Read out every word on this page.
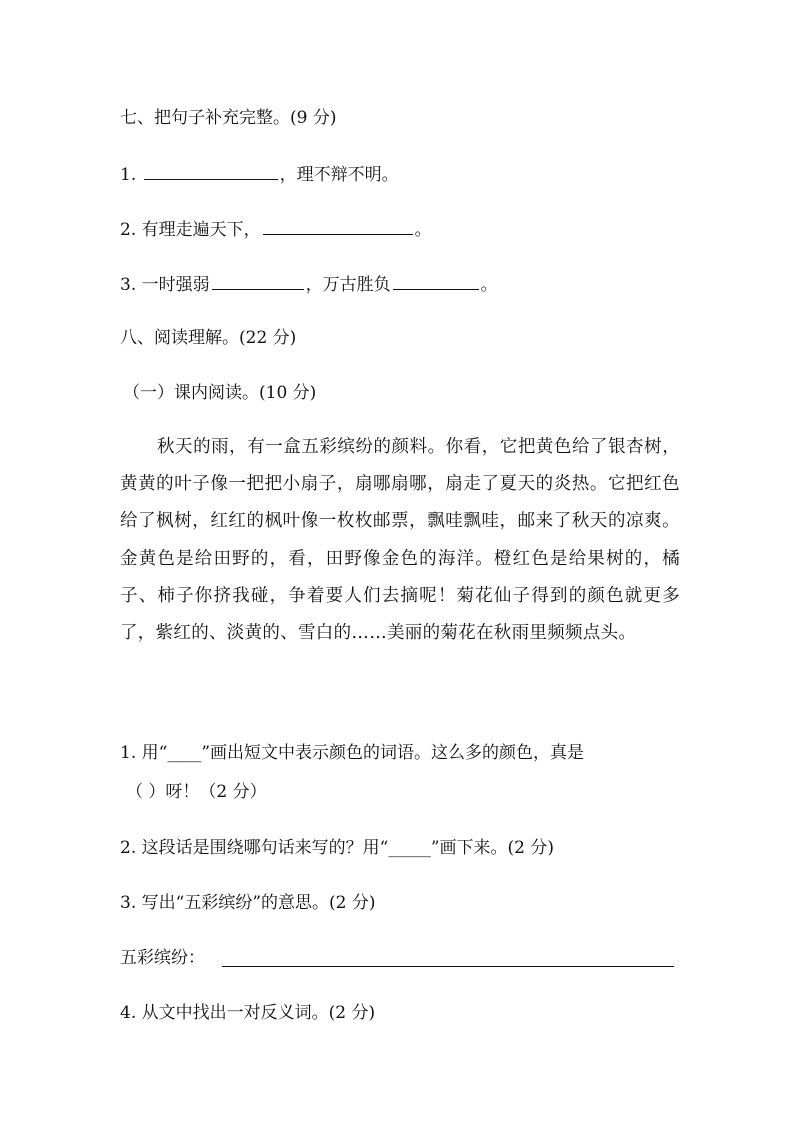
七、把句子补充完整。(9 分)

1.	，理不辩不明。

2. 有理走遍天下，	。

3. 一时强弱	，万古胜负	。

八、阅读理解。(22 分)

（一）课内阅读。(10 分)

秋天的雨，有一盒五彩缤纷的颜料。你看，它把黄色给了银杏树，黄黄的叶子像一把把小扇子，扇哪扇哪，扇走了夏天的炎热。它把红色给了枫树，红红的枫叶像一枚枚邮票，飘哇飘哇，邮来了秋天的凉爽。金黄色是给田野的，看，田野像金色的海洋。橙红色是给果树的，橘子、柿子你挤我碰，争着要人们去摘呢！菊花仙子得到的颜色就更多了，紫红的、淡黄的、雪白的……美丽的菊花在秋雨里频频点头。

1. 用“____”画出短文中表示颜色的词语。这么多的颜色，真是

（ ）呀！（2 分）

2. 这段话是围绕哪句话来写的？用“_____”画下来。(2 分)

3. 写出“五彩缤纷”的意思。(2 分)

五彩缤纷：

4. 从文中找出一对反义词。(2 分)
